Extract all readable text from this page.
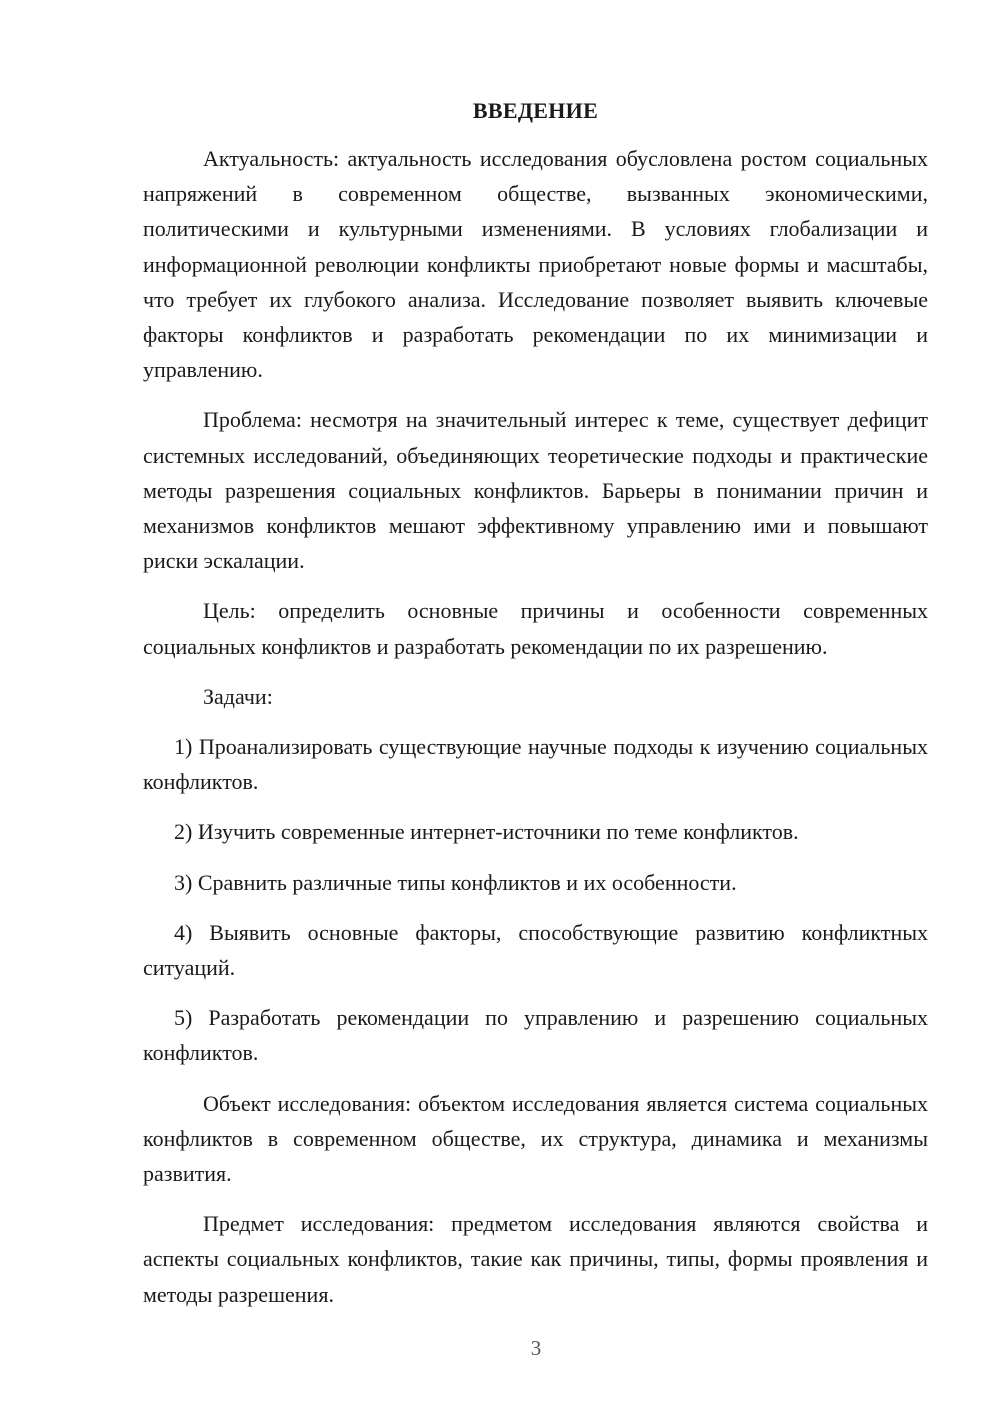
ВВЕДЕНИЕ

Актуальность: актуальность исследования обусловлена ростом социальных напряжений в современном обществе, вызванных экономическими, политическими и культурными изменениями. В условиях глобализации и информационной революции конфликты приобретают новые формы и масштабы, что требует их глубокого анализа. Исследование позволяет выявить ключевые факторы конфликтов и разработать рекомендации по их минимизации и управлению.

Проблема: несмотря на значительный интерес к теме, существует дефицит системных исследований, объединяющих теоретические подходы и практические методы разрешения социальных конфликтов. Барьеры в понимании причин и механизмов конфликтов мешают эффективному управлению ими и повышают риски эскалации.

Цель: определить основные причины и особенности современных социальных конфликтов и разработать рекомендации по их разрешению.

Задачи:

1) Проанализировать существующие научные подходы к изучению социальных конфликтов.

2) Изучить современные интернет-источники по теме конфликтов.

3) Сравнить различные типы конфликтов и их особенности.

4) Выявить основные факторы, способствующие развитию конфликтных ситуаций.

5) Разработать рекомендации по управлению и разрешению социальных конфликтов.

Объект исследования: объектом исследования является система социальных конфликтов в современном обществе, их структура, динамика и механизмы развития.

Предмет исследования: предметом исследования являются свойства и аспекты социальных конфликтов, такие как причины, типы, формы проявления и методы разрешения.

3
